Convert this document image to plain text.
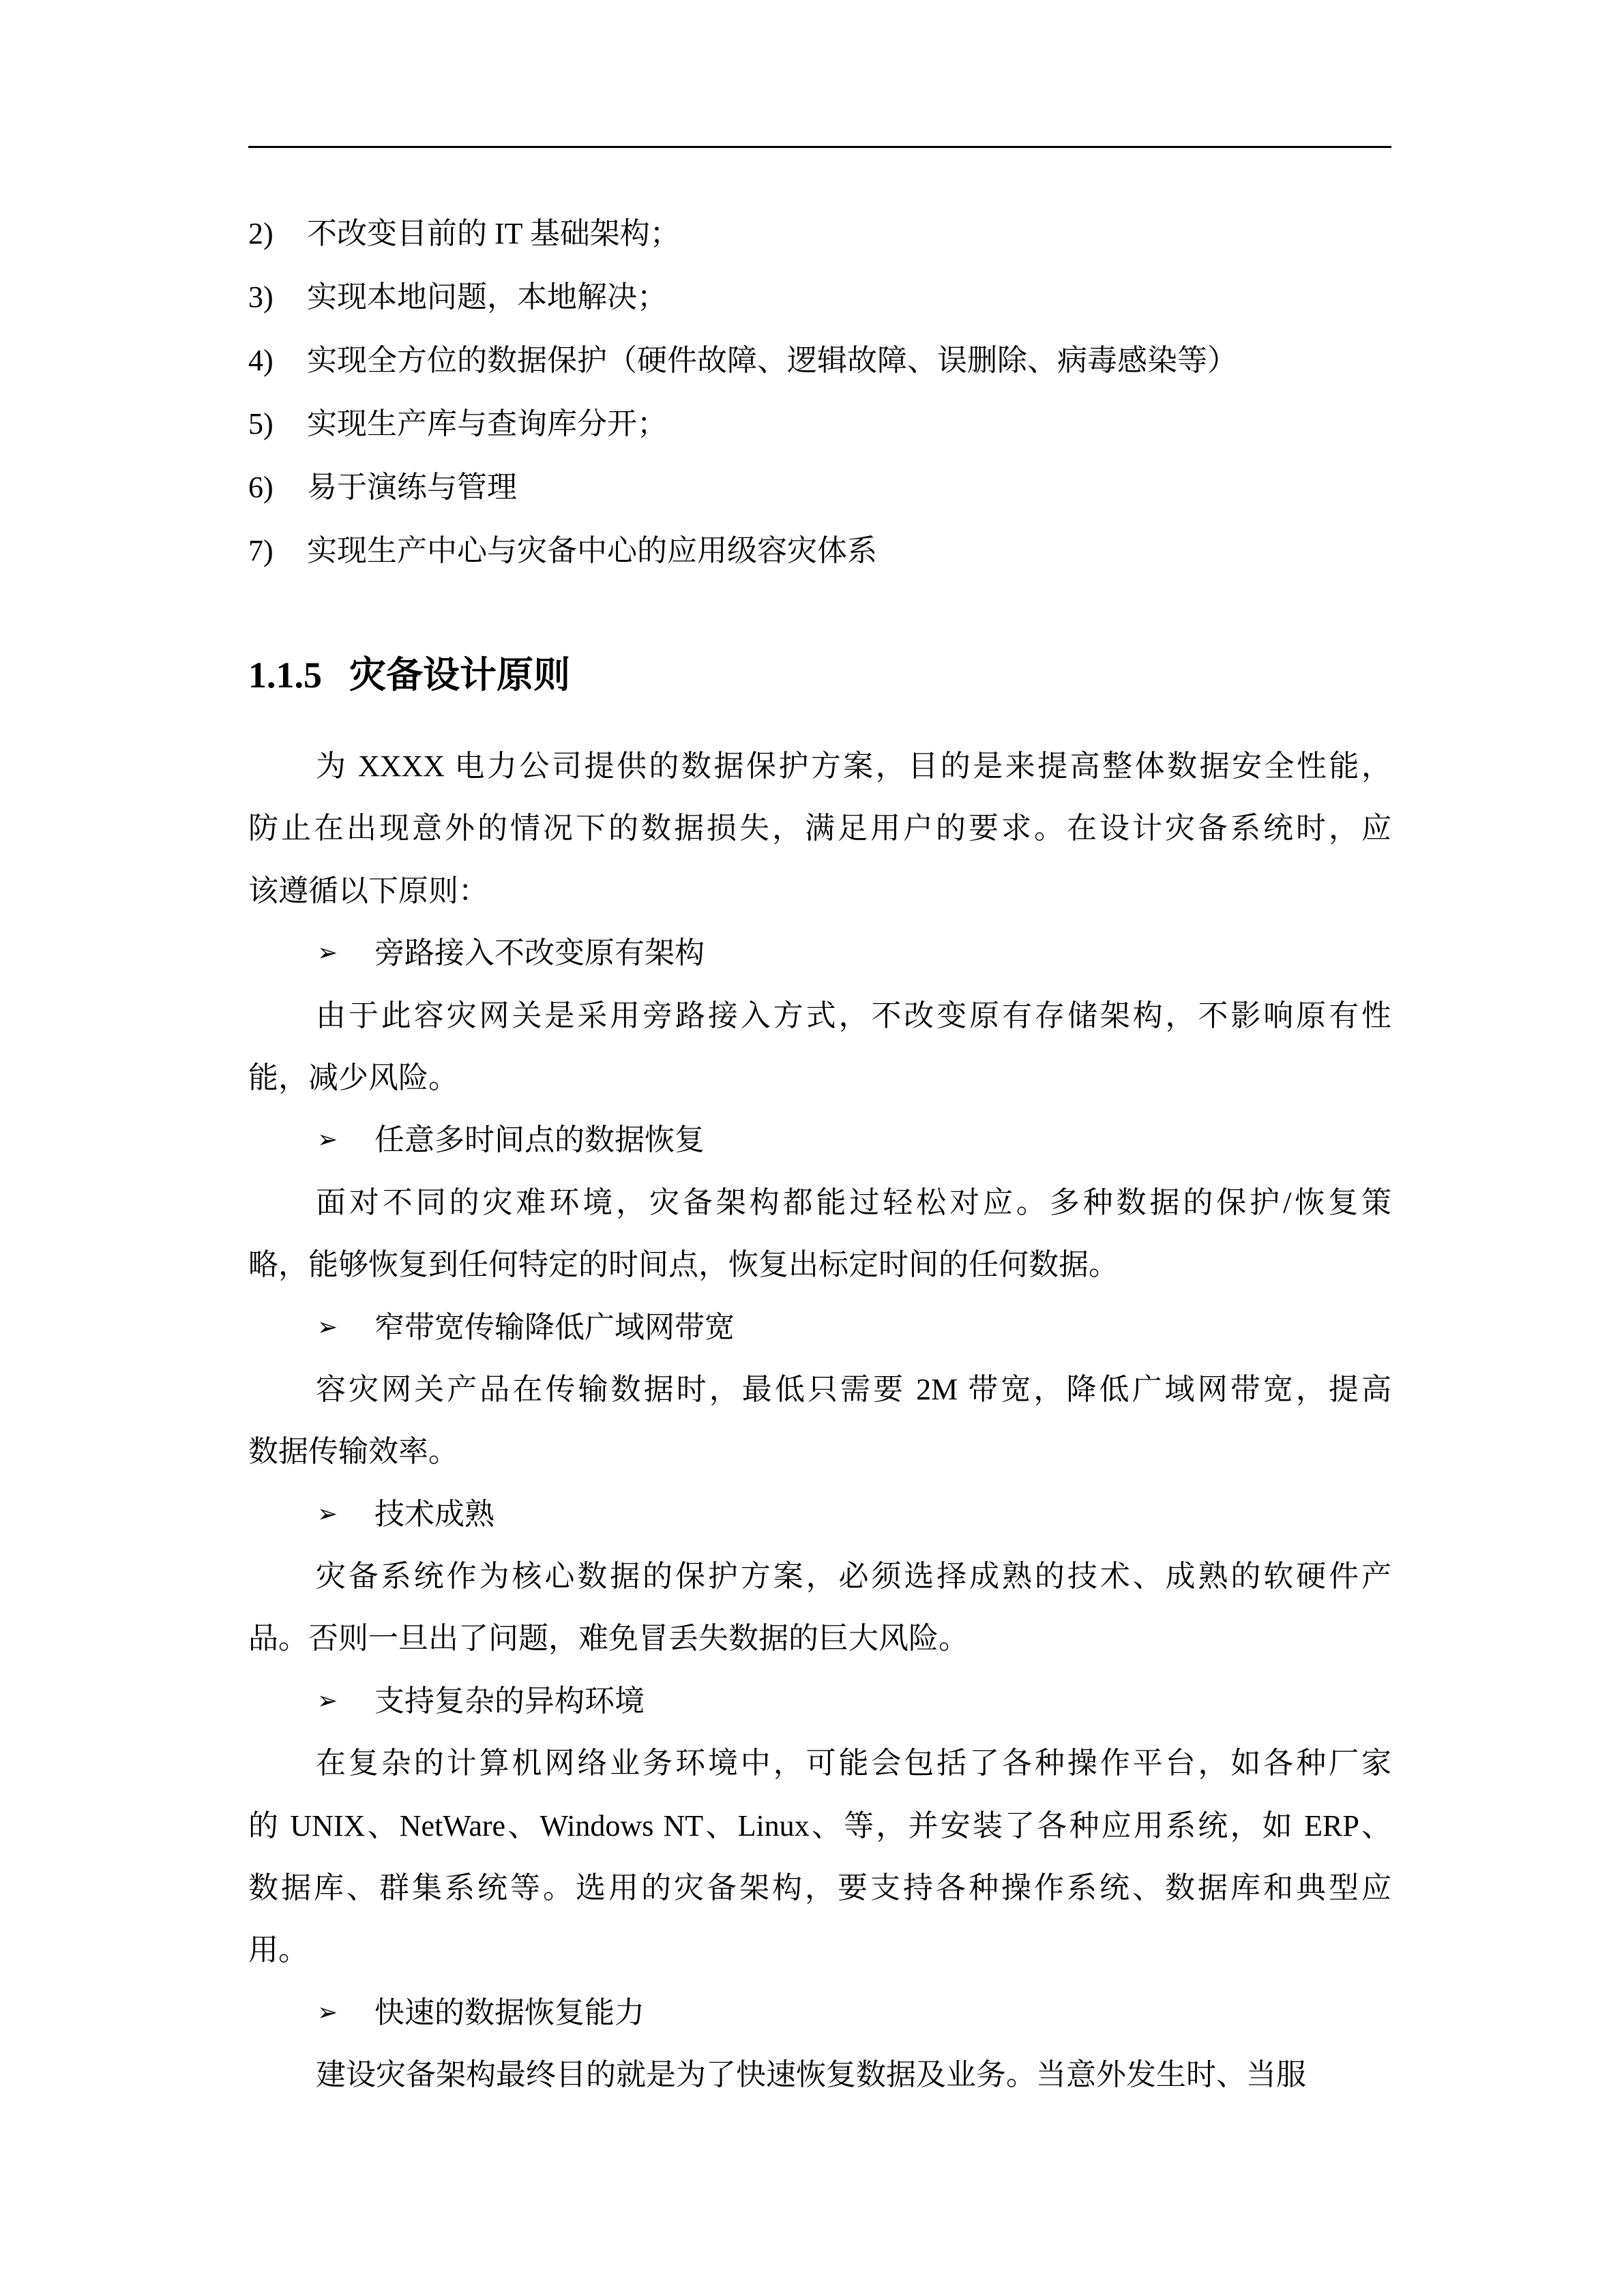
2)	不改变目前的 IT 基础架构；
3)	实现本地问题，本地解决；
4)	实现全方位的数据保护（硬件故障、逻辑故障、误删除、病毒感染等）
5)	实现生产库与查询库分开；
6)	易于演练与管理
7)	实现生产中心与灾备中心的应用级容灾体系
1.1.5 灾备设计原则
为 XXXX 电力公司提供的数据保护方案，目的是来提高整体数据安全性能，
防止在出现意外的情况下的数据损失，满足用户的要求。在设计灾备系统时，应
该遵循以下原则：
➢	旁路接入不改变原有架构
由于此容灾网关是采用旁路接入方式，不改变原有存储架构，不影响原有性
能，减少风险。
➢	任意多时间点的数据恢复
面对不同的灾难环境，灾备架构都能过轻松对应。多种数据的保护/恢复策
略，能够恢复到任何特定的时间点，恢复出标定时间的任何数据。
➢	窄带宽传输降低广域网带宽
容灾网关产品在传输数据时，最低只需要 2M 带宽，降低广域网带宽，提高
数据传输效率。
➢	技术成熟
灾备系统作为核心数据的保护方案，必须选择成熟的技术、成熟的软硬件产
品。否则一旦出了问题，难免冒丢失数据的巨大风险。
➢	支持复杂的异构环境
在复杂的计算机网络业务环境中，可能会包括了各种操作平台，如各种厂家
的 UNIX、NetWare、Windows NT、Linux、等，并安装了各种应用系统，如 ERP、
数据库、群集系统等。选用的灾备架构，要支持各种操作系统、数据库和典型应
用。
➢	快速的数据恢复能力
建设灾备架构最终目的就是为了快速恢复数据及业务。当意外发生时、当服
